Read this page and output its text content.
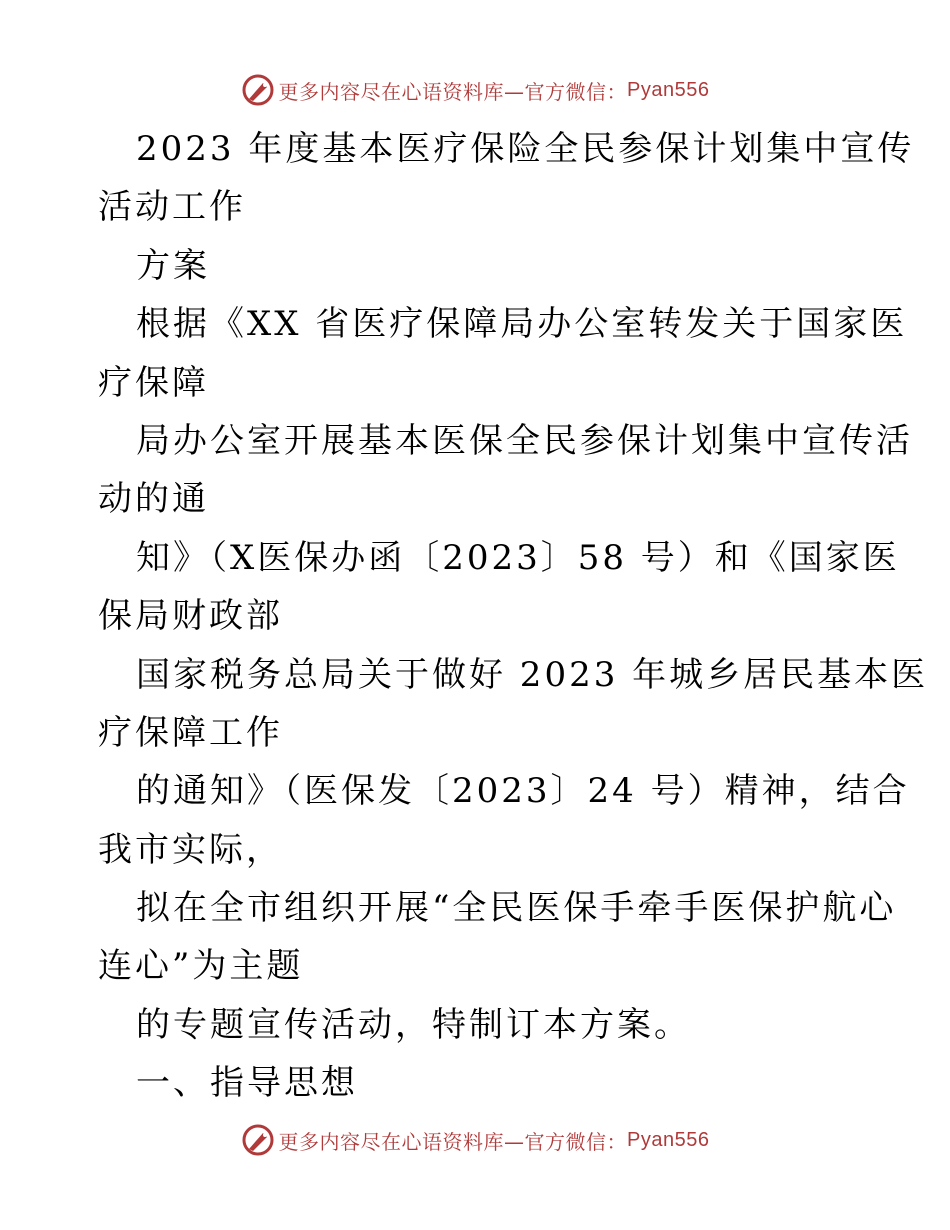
更多内容尽在心语资料库—官方微信： Pyan556

2023 年度基本医疗保险全民参保计划集中宣传

活动工作

方案

根据《XX 省医疗保障局办公室转发关于国家医

疗保障

局办公室开展基本医保全民参保计划集中宣传活

动的通

知》（X医保办函〔2023〕58 号）和《国家医

保局财政部

国家税务总局关于做好 2023 年城乡居民基本医

疗保障工作

的通知》（医保发〔2023〕24 号）精神，结合

我市实际，

拟在全市组织开展“全民医保手牵手医保护航心

连心”为主题

的专题宣传活动，特制订本方案。

一、指导思想

更多内容尽在心语资料库—官方微信： Pyan556
